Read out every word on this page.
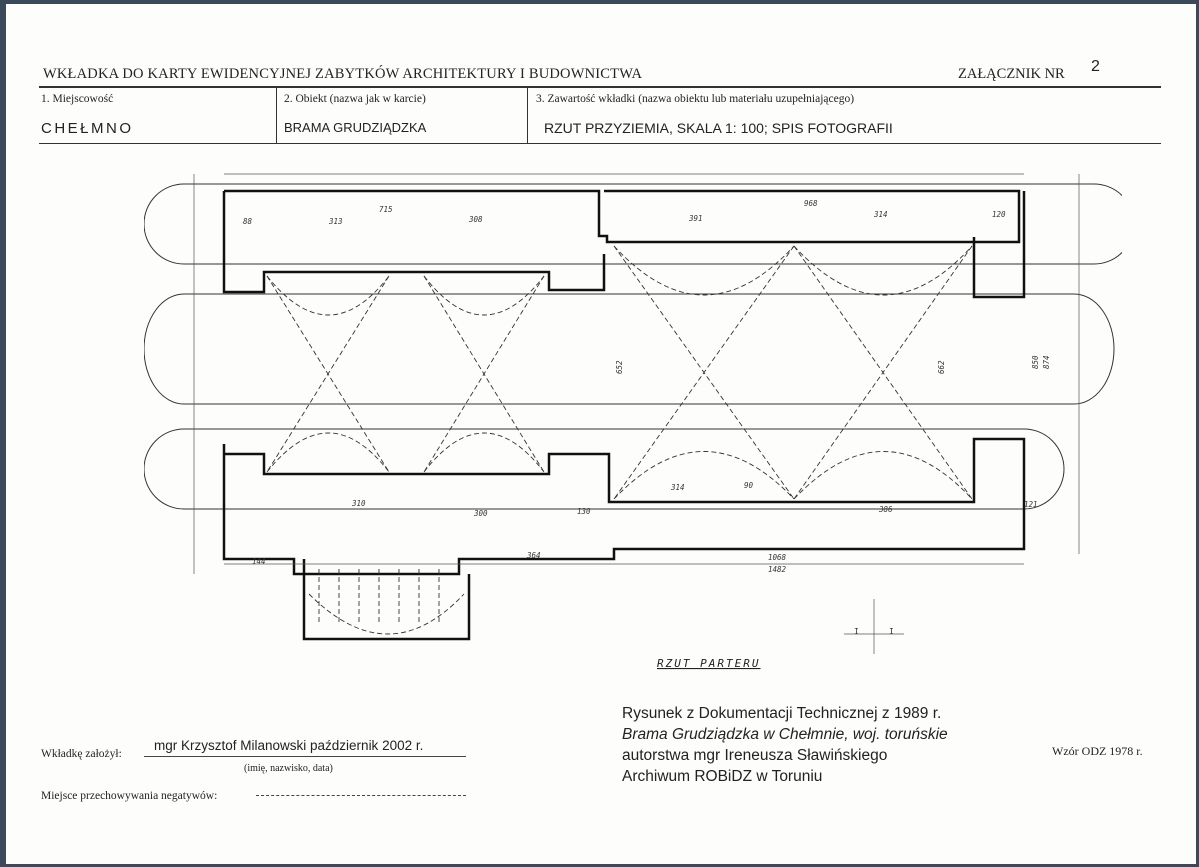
WKŁADKA DO KARTY EWIDENCYJNEJ ZABYTKÓW ARCHITEKTURY I BUDOWNICTWA	ZAŁĄCZNIK NR 2
1. Miejscowość
CHEŁMNO
2. Obiekt (nazwa jak w karcie)
BRAMA GRUDZIĄDZKA
3. Zawartość wkładki (nazwa obiektu lub materiału uzupełniającego)
RZUT PRZYZIEMIA, SKALA 1: 100; SPIS FOTOGRAFII
715
313	308
968
314
391	120
88
1068
1482
364
386
300	130
310
314	90
121
144
652	662	850 874
I	I
RZUT PARTERU
Rysunek z Dokumentacji Technicznej z 1989 r.
Brama Grudziądzka w Chełmnie, woj. toruńskie
autorstwa mgr Ireneusza Sławińskiego
Archiwum ROBiDZ w Toruniu
Wkładkę założył:
mgr Krzysztof Milanowski październik 2002 r.
(imię, nazwisko, data)
Miejsce przechowywania negatywów:
Wzór ODZ 1978 r.
